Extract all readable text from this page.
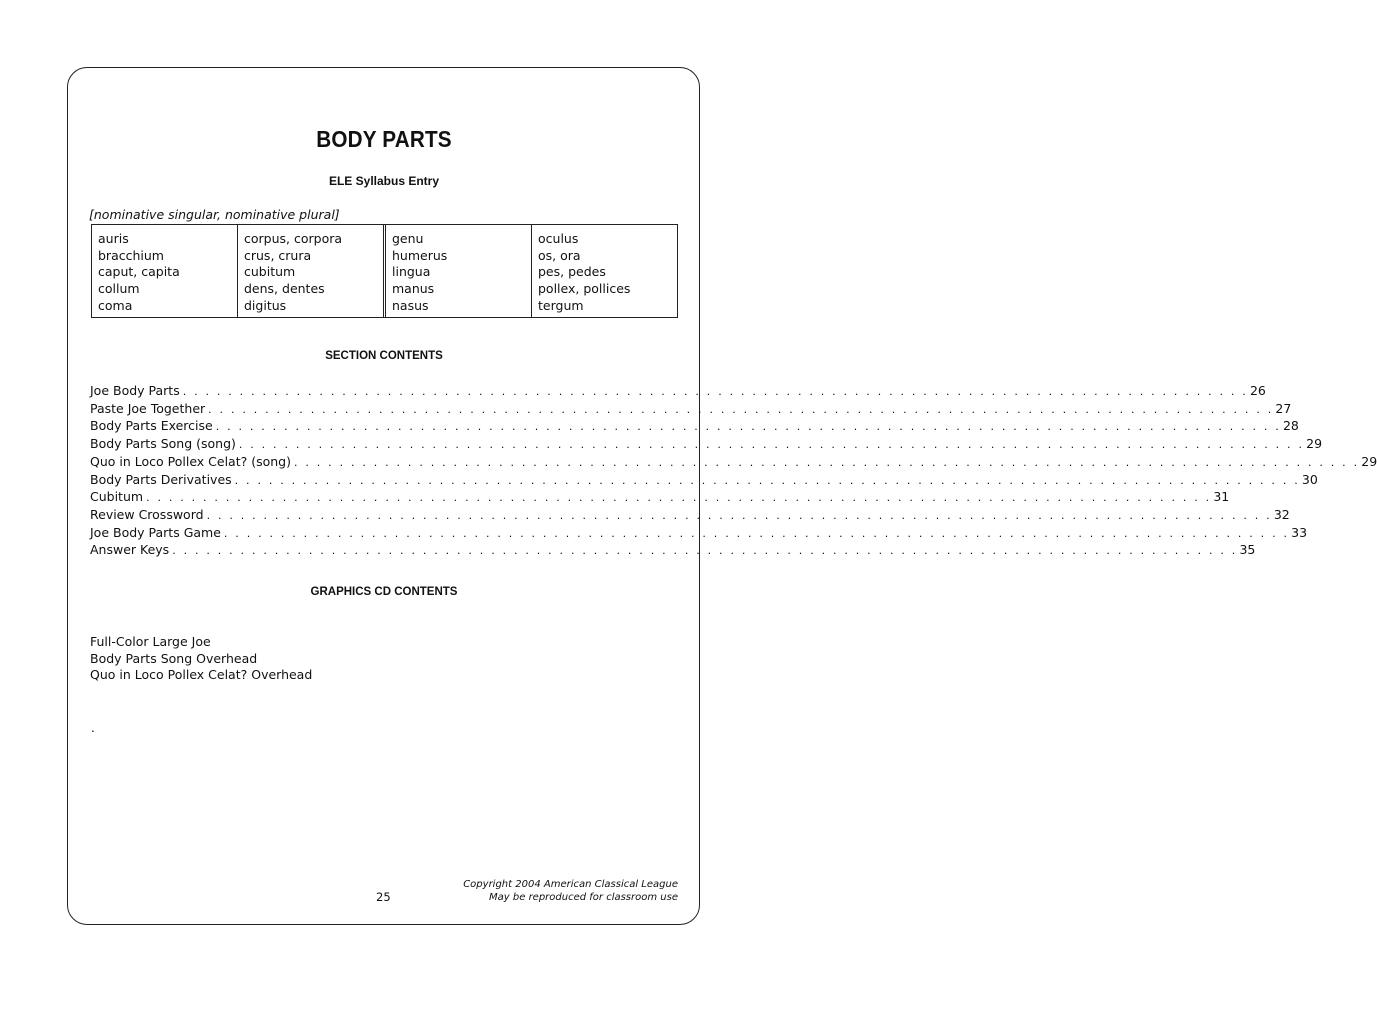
BODY PARTS
ELE Syllabus Entry
[nominative singular, nominative plural]
auris
bracchium
caput, capita
collum
coma
corpus, corpora
crus, crura
cubitum
dens, dentes
digitus
genu
humerus
lingua
manus
nasus
oculus
os, ora
pes, pedes
pollex, pollices
tergum
SECTION CONTENTS
Joe Body Parts . . . . . . . . . . . . . . . . . . . . . . . . . . . . . . . . . . . . . . . . . . . . . . . . . . . . . . . . . . . . . . . . . . . . . . . . . . . . . . . . . . . . . . . . . . . . . . 26
Paste Joe Together . . . . . . . . . . . . . . . . . . . . . . . . . . . . . . . . . . . . . . . . . . . . . . . . . . . . . . . . . . . . . . . . . . . . . . . . . . . . . . . . . . . . . . . . . . . . . . 27
Body Parts Exercise . . . . . . . . . . . . . . . . . . . . . . . . . . . . . . . . . . . . . . . . . . . . . . . . . . . . . . . . . . . . . . . . . . . . . . . . . . . . . . . . . . . . . . . . . . . . . . 28
Body Parts Song (song) . . . . . . . . . . . . . . . . . . . . . . . . . . . . . . . . . . . . . . . . . . . . . . . . . . . . . . . . . . . . . . . . . . . . . . . . . . . . . . . . . . . . . . . . . . . . . . 29
Quo in Loco Pollex Celat? (song) . . . . . . . . . . . . . . . . . . . . . . . . . . . . . . . . . . . . . . . . . . . . . . . . . . . . . . . . . . . . . . . . . . . . . . . . . . . . . . . . . . . . . . . . . . . . . . 29
Body Parts Derivatives . . . . . . . . . . . . . . . . . . . . . . . . . . . . . . . . . . . . . . . . . . . . . . . . . . . . . . . . . . . . . . . . . . . . . . . . . . . . . . . . . . . . . . . . . . . . . . 30
Cubitum . . . . . . . . . . . . . . . . . . . . . . . . . . . . . . . . . . . . . . . . . . . . . . . . . . . . . . . . . . . . . . . . . . . . . . . . . . . . . . . . . . . . . . . . . . . . . . 31
Review Crossword . . . . . . . . . . . . . . . . . . . . . . . . . . . . . . . . . . . . . . . . . . . . . . . . . . . . . . . . . . . . . . . . . . . . . . . . . . . . . . . . . . . . . . . . . . . . . . 32
Joe Body Parts Game . . . . . . . . . . . . . . . . . . . . . . . . . . . . . . . . . . . . . . . . . . . . . . . . . . . . . . . . . . . . . . . . . . . . . . . . . . . . . . . . . . . . . . . . . . . . . . 33
Answer Keys . . . . . . . . . . . . . . . . . . . . . . . . . . . . . . . . . . . . . . . . . . . . . . . . . . . . . . . . . . . . . . . . . . . . . . . . . . . . . . . . . . . . . . . . . . . . . . 35
GRAPHICS CD CONTENTS
Full-Color Large Joe
Body Parts Song Overhead
Quo in Loco Pollex Celat? Overhead
.
25
Copyright 2004 American Classical League
May be reproduced for classroom use
